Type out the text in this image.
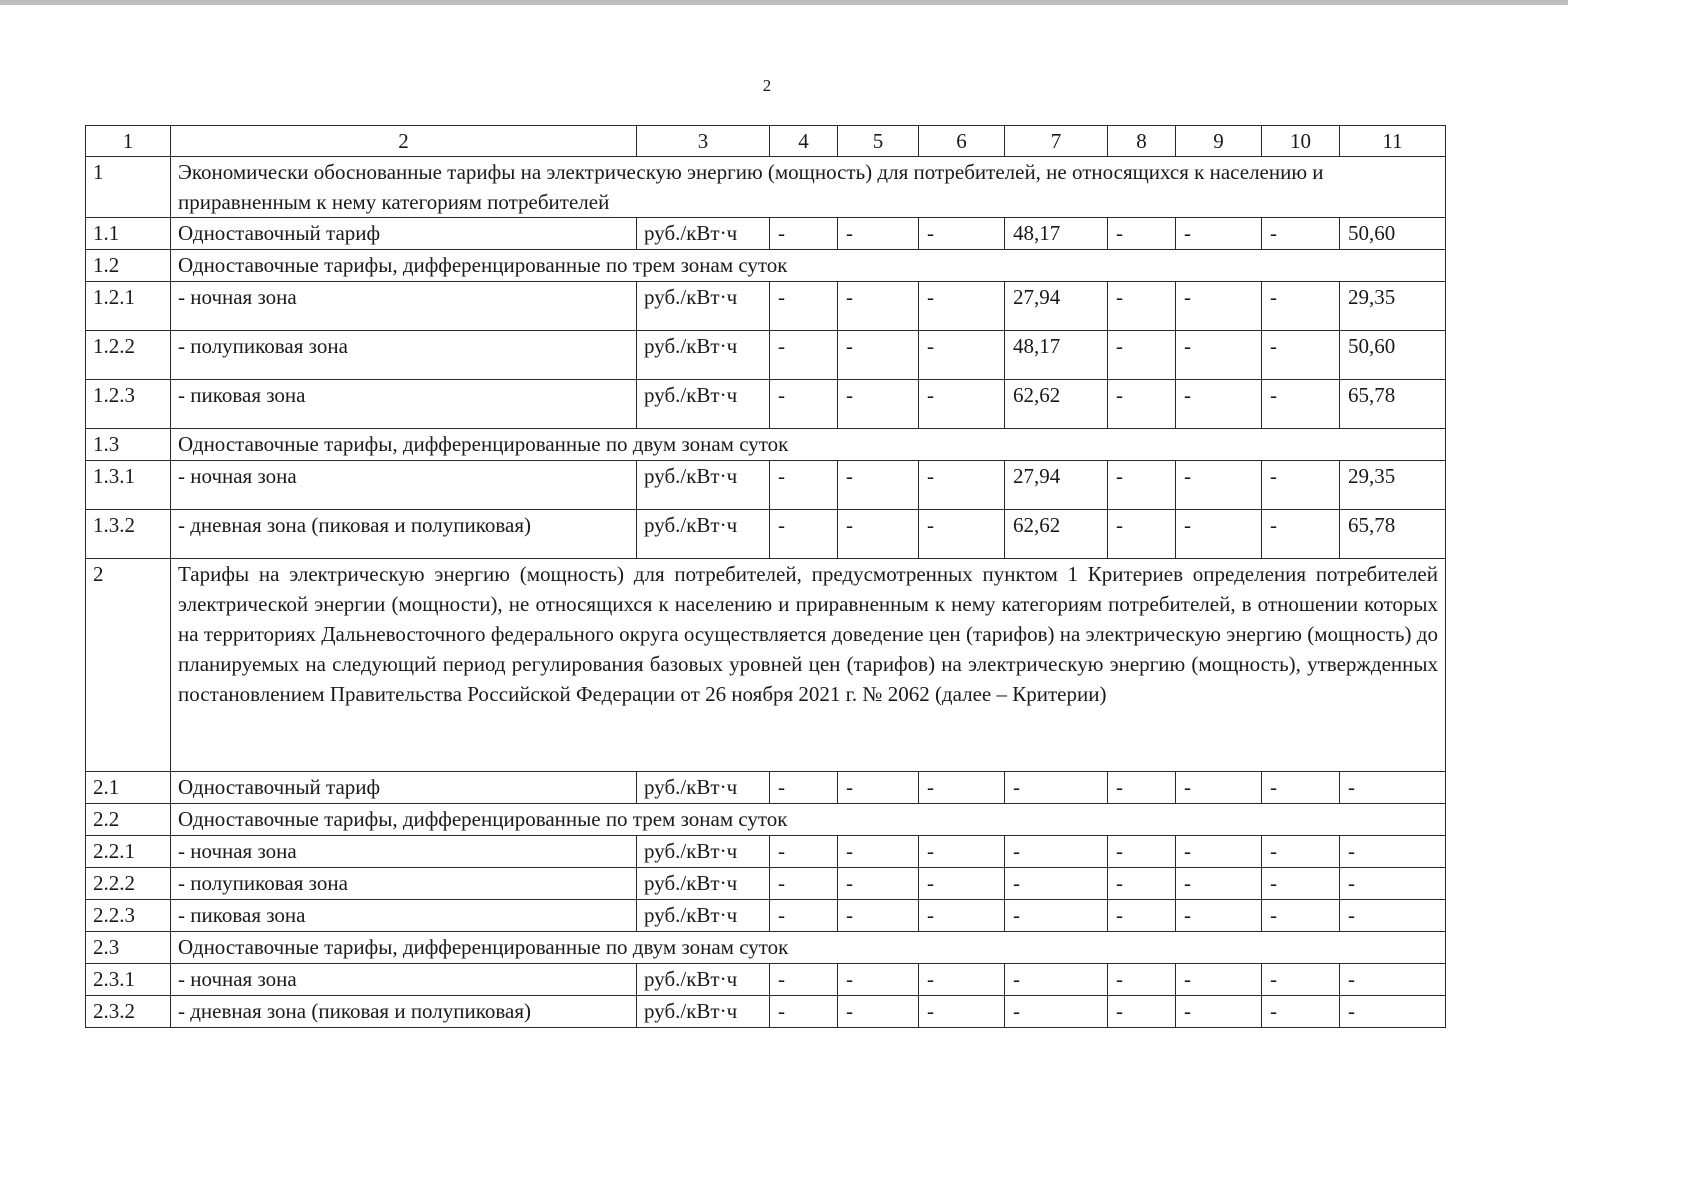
2
1	2	3	4	5	6	7	8	9	10	11
1	Экономически обоснованные тарифы на электрическую энергию (мощность) для потребителей, не относящихся к населению и приравненным к нему категориям потребителей									
1.1	Одноставочный тариф	руб./кВт·ч	-	-	-	48,17	-	-	-	50,60
1.2	Одноставочные тарифы, дифференцированные по трем зонам суток									
1.2.1	- ночная зона	руб./кВт·ч	-	-	-	27,94	-	-	-	29,35
1.2.2	- полупиковая зона	руб./кВт·ч	-	-	-	48,17	-	-	-	50,60
1.2.3	- пиковая зона	руб./кВт·ч	-	-	-	62,62	-	-	-	65,78
1.3	Одноставочные тарифы, дифференцированные по двум зонам суток									
1.3.1	- ночная зона	руб./кВт·ч	-	-	-	27,94	-	-	-	29,35
1.3.2	- дневная зона (пиковая и полупиковая)	руб./кВт·ч	-	-	-	62,62	-	-	-	65,78
2	Тарифы на электрическую энергию (мощность) для потребителей, предусмотренных пунктом 1 Критериев определения потребителей электрической энергии (мощности), не относящихся к населению и приравненным к нему категориям потребителей, в отношении которых на территориях Дальневосточного федерального округа осуществляется доведение цен (тарифов) на электрическую энергию (мощность) до планируемых на следующий период регулирования базовых уровней цен (тарифов) на электрическую энергию (мощность), утвержденных постановлением Правительства Российской Федерации от 26 ноября 2021 г. № 2062 (далее – Критерии)									
2.1	Одноставочный тариф	руб./кВт·ч	-	-	-	-	-	-	-	-
2.2	Одноставочные тарифы, дифференцированные по трем зонам суток									
2.2.1	- ночная зона	руб./кВт·ч	-	-	-	-	-	-	-	-
2.2.2	- полупиковая зона	руб./кВт·ч	-	-	-	-	-	-	-	-
2.2.3	- пиковая зона	руб./кВт·ч	-	-	-	-	-	-	-	-
2.3	Одноставочные тарифы, дифференцированные по двум зонам суток									
2.3.1	- ночная зона	руб./кВт·ч	-	-	-	-	-	-	-	-
2.3.2	- дневная зона (пиковая и полупиковая)	руб./кВт·ч	-	-	-	-	-	-	-	-
